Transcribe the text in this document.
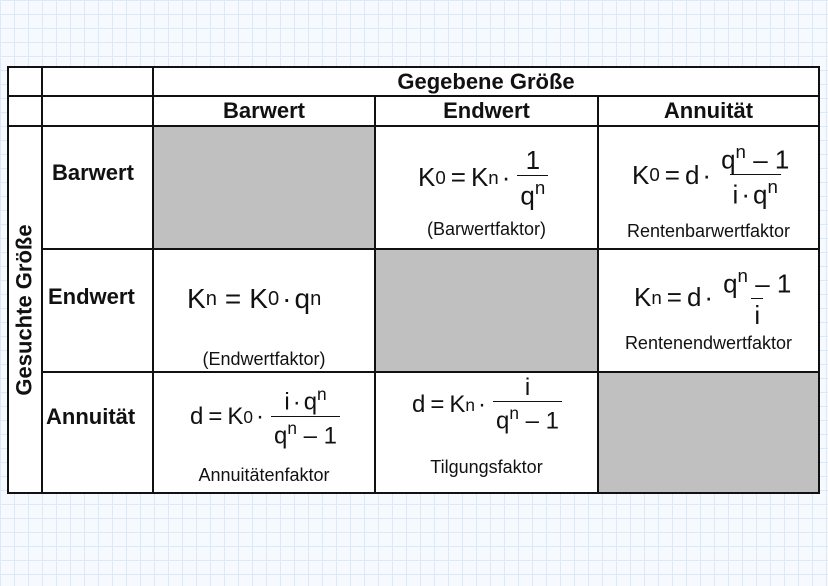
Gegebene Größe
Barwert	Endwert	Annuität
Gesuchte Größe
Barwert
Endwert
Annuität
K 0 = K $n \cdot \frac{1}{q^n}$
(Barwertfaktor)
K $0 = d \cdot \frac{q^n - 1}{i \cdot q^n}$
Rentenbarwertfaktor
K n = K 0 · q n
(Endwertfaktor)
K $n = d \cdot \frac{q^n - 1}{i}$
Rentenendwertfaktor
d = K $0 \cdot \frac{i \cdot q^n}{q^n - 1}$
Annuitätenfaktor
d = K $n \cdot \frac{i}{q^n - 1}$
Tilgungsfaktor
